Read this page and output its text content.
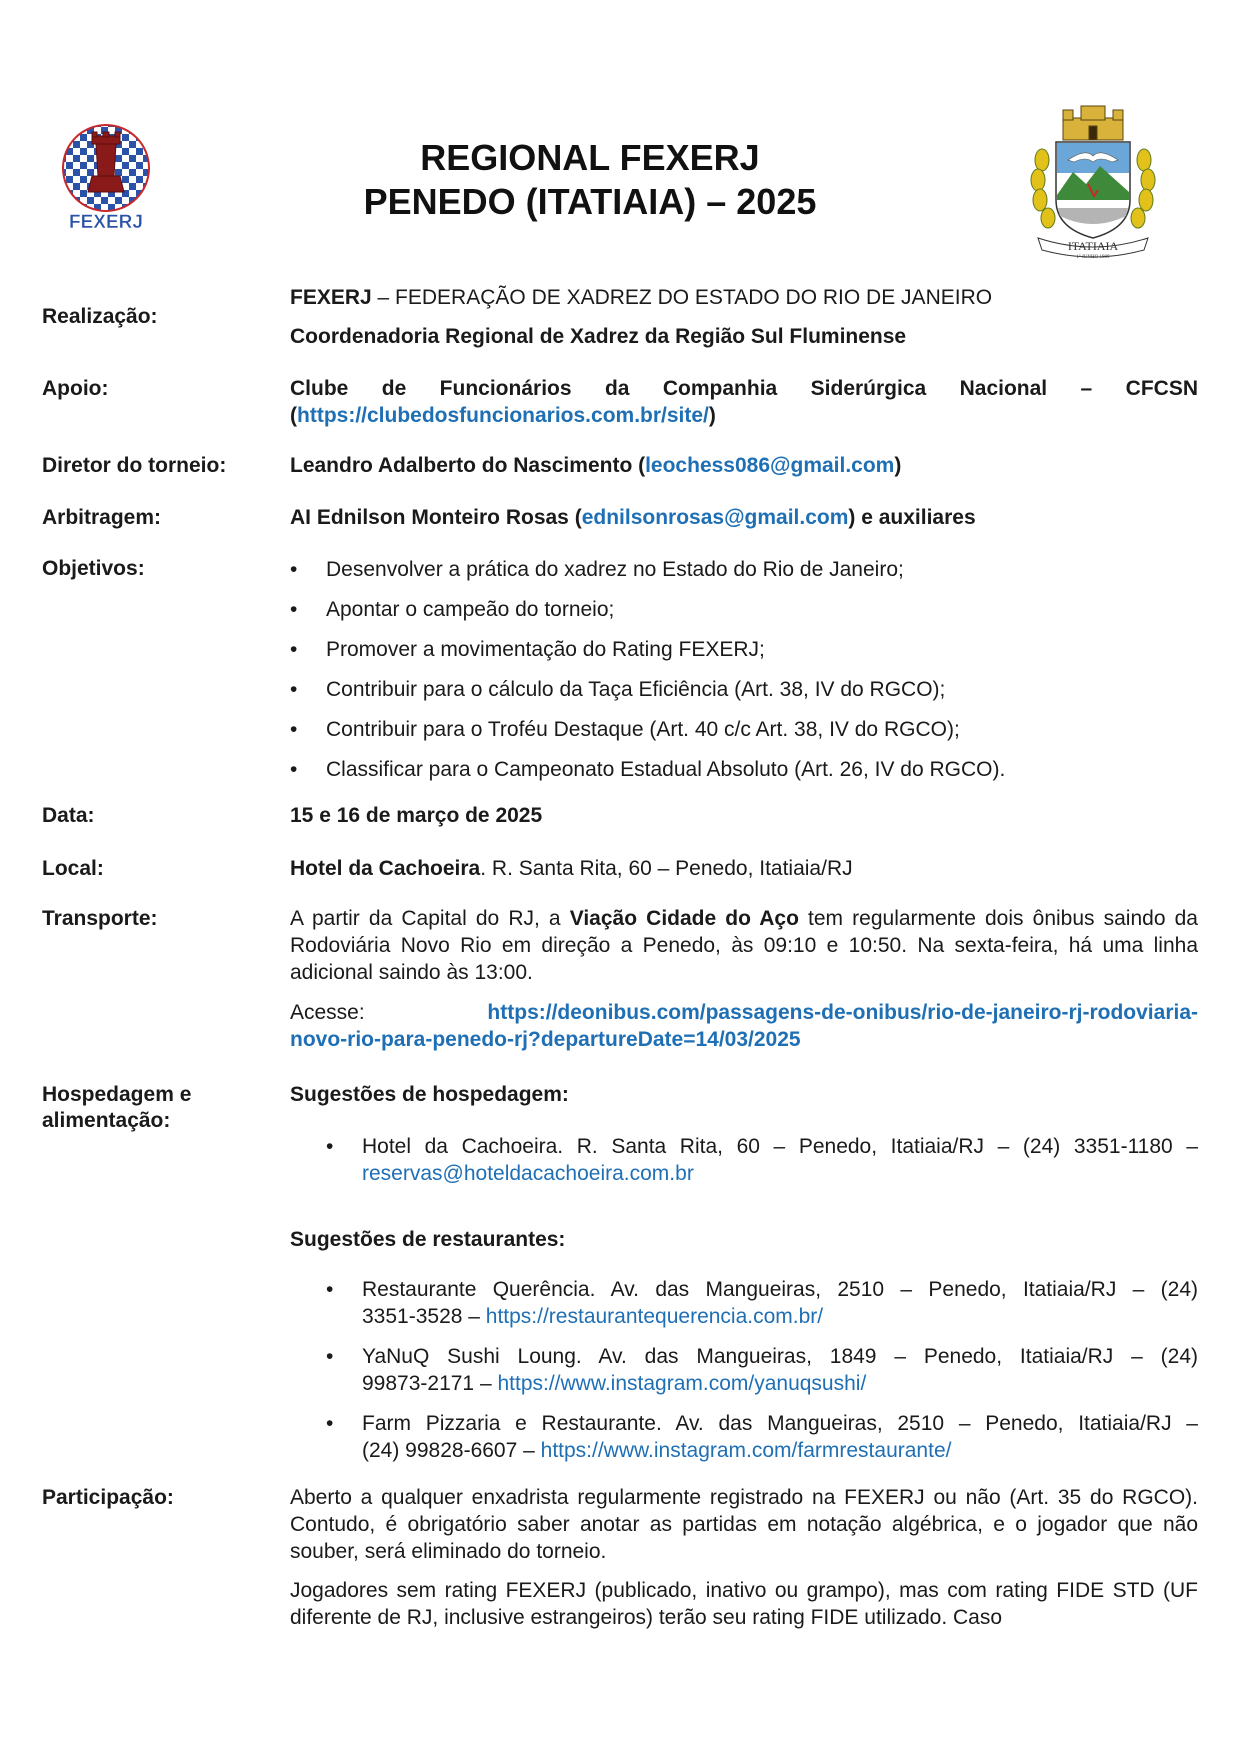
FEXERJ
ITATIAIA
1º JUNHO 1989
REGIONAL FEXERJ
PENEDO (ITATIAIA) – 2025
Realização:
FEXERJ – FEDERAÇÃO DE XADREZ DO ESTADO DO RIO DE JANEIRO
Coordenadoria Regional de Xadrez da Região Sul Fluminense
Apoio:	Clube de Funcionários da Companhia Siderúrgica Nacional – CFCSN
(https://clubedosfuncionarios.com.br/site/)
Diretor do torneio:	Leandro Adalberto do Nascimento (leochess086@gmail.com)
Arbitragem:	AI Ednilson Monteiro Rosas (ednilsonrosas@gmail.com) e auxiliares
Objetivos:
•	Desenvolver a prática do xadrez no Estado do Rio de Janeiro;
• Apontar o campeão do torneio;
• Promover a movimentação do Rating FEXERJ;
• Contribuir para o cálculo da Taça Eficiência (Art. 38, IV do RGCO);
• Contribuir para o Troféu Destaque (Art. 40 c/c Art. 38, IV do RGCO);
• Classificar para o Campeonato Estadual Absoluto (Art. 26, IV do RGCO).
Data:	15 e 16 de março de 2025
Local:	Hotel da Cachoeira. R. Santa Rita, 60 – Penedo, Itatiaia/RJ
Transporte:	A partir da Capital do RJ, a Viação Cidade do Aço tem regularmente dois ônibus saindo da Rodoviária Novo Rio em direção a Penedo, às 09:10 e 10:50. Na sexta-feira, há uma linha adicional saindo às 13:00.
Acesse:	https://deonibus.com/passagens-de-onibus/rio-de-janeiro-rj-rodoviaria-
novo-rio-para-penedo-rj?departureDate=14/03/2025
Hospedagem e
alimentação:
Sugestões de hospedagem:
• Hotel da Cachoeira. R. Santa Rita, 60 – Penedo, Itatiaia/RJ – (24) 3351-1180 –
reservas@hoteldacachoeira.com.br
Sugestões de restaurantes:
• Restaurante Querência. Av. das Mangueiras, 2510 – Penedo, Itatiaia/RJ – (24)
3351-3528 – https://restaurantequerencia.com.br/
• YaNuQ Sushi Loung. Av. das Mangueiras, 1849 – Penedo, Itatiaia/RJ – (24)
99873-2171 – https://www.instagram.com/yanuqsushi/
• Farm Pizzaria e Restaurante. Av. das Mangueiras, 2510 – Penedo, Itatiaia/RJ –
(24) 99828-6607 – https://www.instagram.com/farmrestaurante/
Participação:	Aberto a qualquer enxadrista regularmente registrado na FEXERJ ou não (Art. 35 do RGCO). Contudo, é obrigatório saber anotar as partidas em notação algébrica, e o jogador que não souber, será eliminado do torneio.
Jogadores sem rating FEXERJ (publicado, inativo ou grampo), mas com rating FIDE STD (UF diferente de RJ, inclusive estrangeiros) terão seu rating FIDE utilizado. Caso
